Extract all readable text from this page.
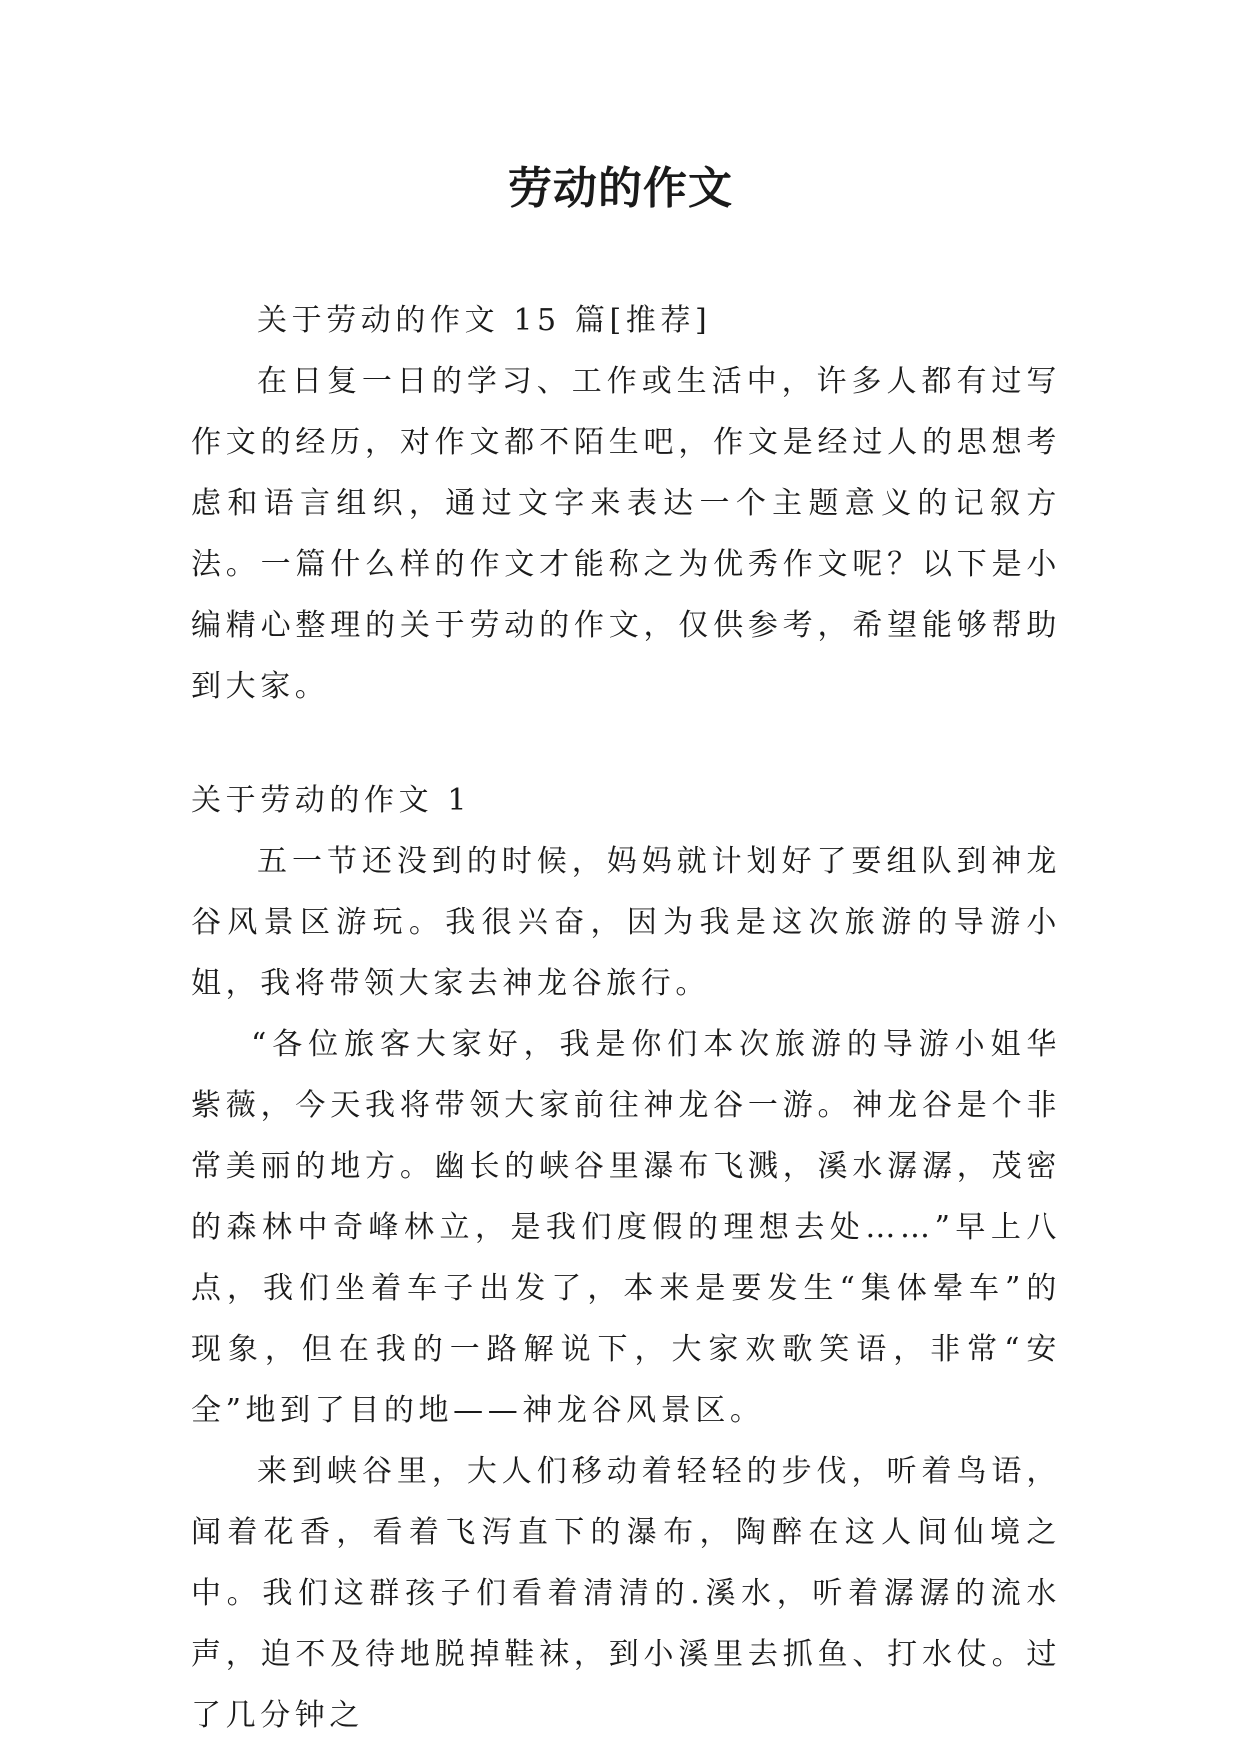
劳动的作文

关于劳动的作文 15 篇[推荐]

在日复一日的学习、工作或生活中，许多人都有过写作文的经历，对作文都不陌生吧，作文是经过人的思想考虑和语言组织，通过文字来表达一个主题意义的记叙方法。一篇什么样的作文才能称之为优秀作文呢？以下是小编精心整理的关于劳动的作文，仅供参考，希望能够帮助到大家。

关于劳动的作文 1

五一节还没到的时候，妈妈就计划好了要组队到神龙谷风景区游玩。我很兴奋，因为我是这次旅游的导游小姐，我将带领大家去神龙谷旅行。

“各位旅客大家好，我是你们本次旅游的导游小姐华紫薇，今天我将带领大家前往神龙谷一游。神龙谷是个非常美丽的地方。幽长的峡谷里瀑布飞溅，溪水潺潺，茂密的森林中奇峰林立，是我们度假的理想去处……”早上八点，我们坐着车子出发了，本来是要发生“集体晕车”的现象，但在我的一路解说下，大家欢歌笑语，非常“安全”地到了目的地——神龙谷风景区。

来到峡谷里，大人们移动着轻轻的步伐，听着鸟语，闻着花香，看着飞泻直下的瀑布，陶醉在这人间仙境之中。我们这群孩子们看着清清的.溪水，听着潺潺的流水声，迫不及待地脱掉鞋袜，到小溪里去抓鱼、打水仗。过了几分钟之
